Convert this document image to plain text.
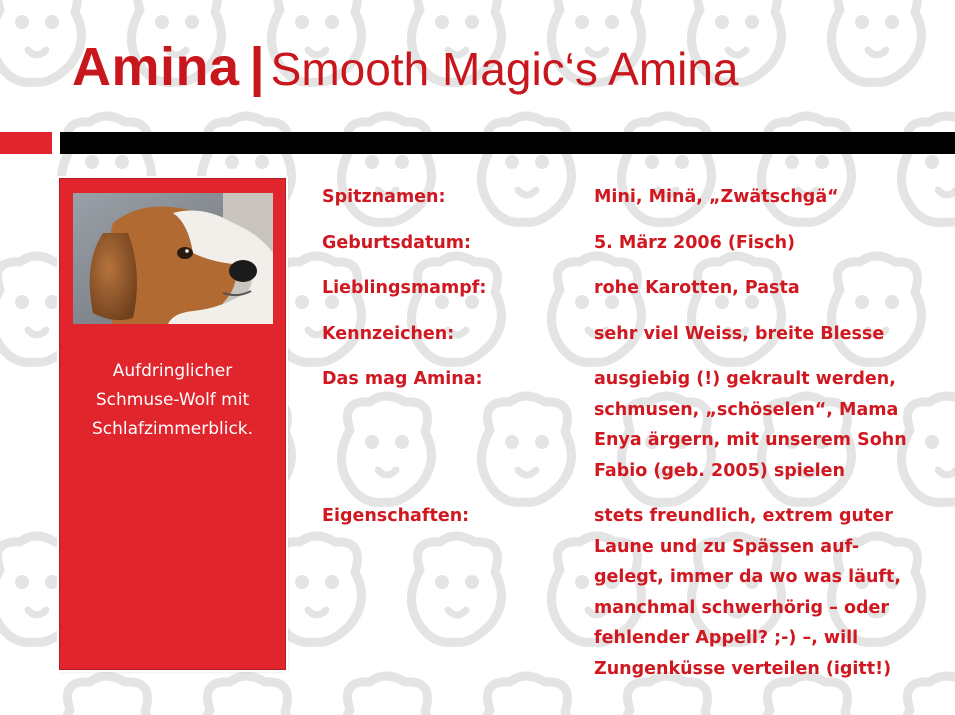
Amina | Smooth Magic‘s Amina

Aufdringlicher
Schmuse-Wolf mit
Schlafzimmerblick.

Spitznamen:	Mini, Minä, „Zwätschgä“
Geburtsdatum:	5. März 2006 (Fisch)
Lieblingsmampf:	rohe Karotten, Pasta
Kennzeichen:	sehr viel Weiss, breite Blesse
Das mag Amina:	ausgiebig (!) gekrault werden,
schmusen, „schöselen“, Mama
Enya ärgern, mit unserem Sohn
Fabio (geb. 2005) spielen
Eigenschaften:	stets freundlich, extrem guter
Laune und zu Spässen auf-
gelegt, immer da wo was läuft,
manchmal schwerhörig – oder
fehlender Appell? ;-) –, will
Zungenküsse verteilen (igitt!)
